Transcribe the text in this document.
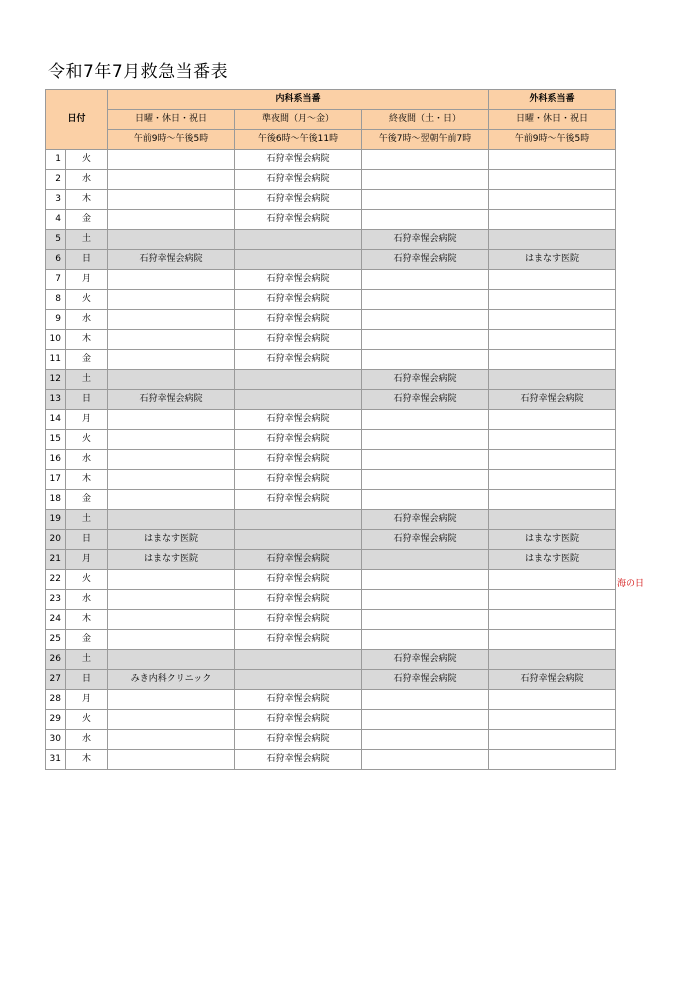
令和7年7月救急当番表
日付		内科系当番			外科系当番
		日曜・休日・祝日	準夜間（月～金）	終夜間（土・日）	日曜・休日・祝日
		午前9時～午後5時	午後6時～午後11時	午後7時～翌朝午前7時	午前9時～午後5時
1	火		石狩幸惺会病院		
2	水		石狩幸惺会病院		
3	木		石狩幸惺会病院		
4	金		石狩幸惺会病院		
5	土			石狩幸惺会病院	
6	日	石狩幸惺会病院		石狩幸惺会病院	はまなす医院
7	月		石狩幸惺会病院		
8	火		石狩幸惺会病院		
9	水		石狩幸惺会病院		
10	木		石狩幸惺会病院		
11	金		石狩幸惺会病院		
12	土			石狩幸惺会病院	
13	日	石狩幸惺会病院		石狩幸惺会病院	石狩幸惺会病院
14	月		石狩幸惺会病院		
15	火		石狩幸惺会病院		
16	水		石狩幸惺会病院		
17	木		石狩幸惺会病院		
18	金		石狩幸惺会病院		
19	土			石狩幸惺会病院	
20	日	はまなす医院		石狩幸惺会病院	はまなす医院
21	月	はまなす医院	石狩幸惺会病院		はまなす医院
22	火		石狩幸惺会病院		
23	水		石狩幸惺会病院		
24	木		石狩幸惺会病院		
25	金		石狩幸惺会病院		
26	土			石狩幸惺会病院	
27	日	みき内科クリニック		石狩幸惺会病院	石狩幸惺会病院
28	月		石狩幸惺会病院		
29	火		石狩幸惺会病院		
30	水		石狩幸惺会病院		
31	木		石狩幸惺会病院		
海の日
